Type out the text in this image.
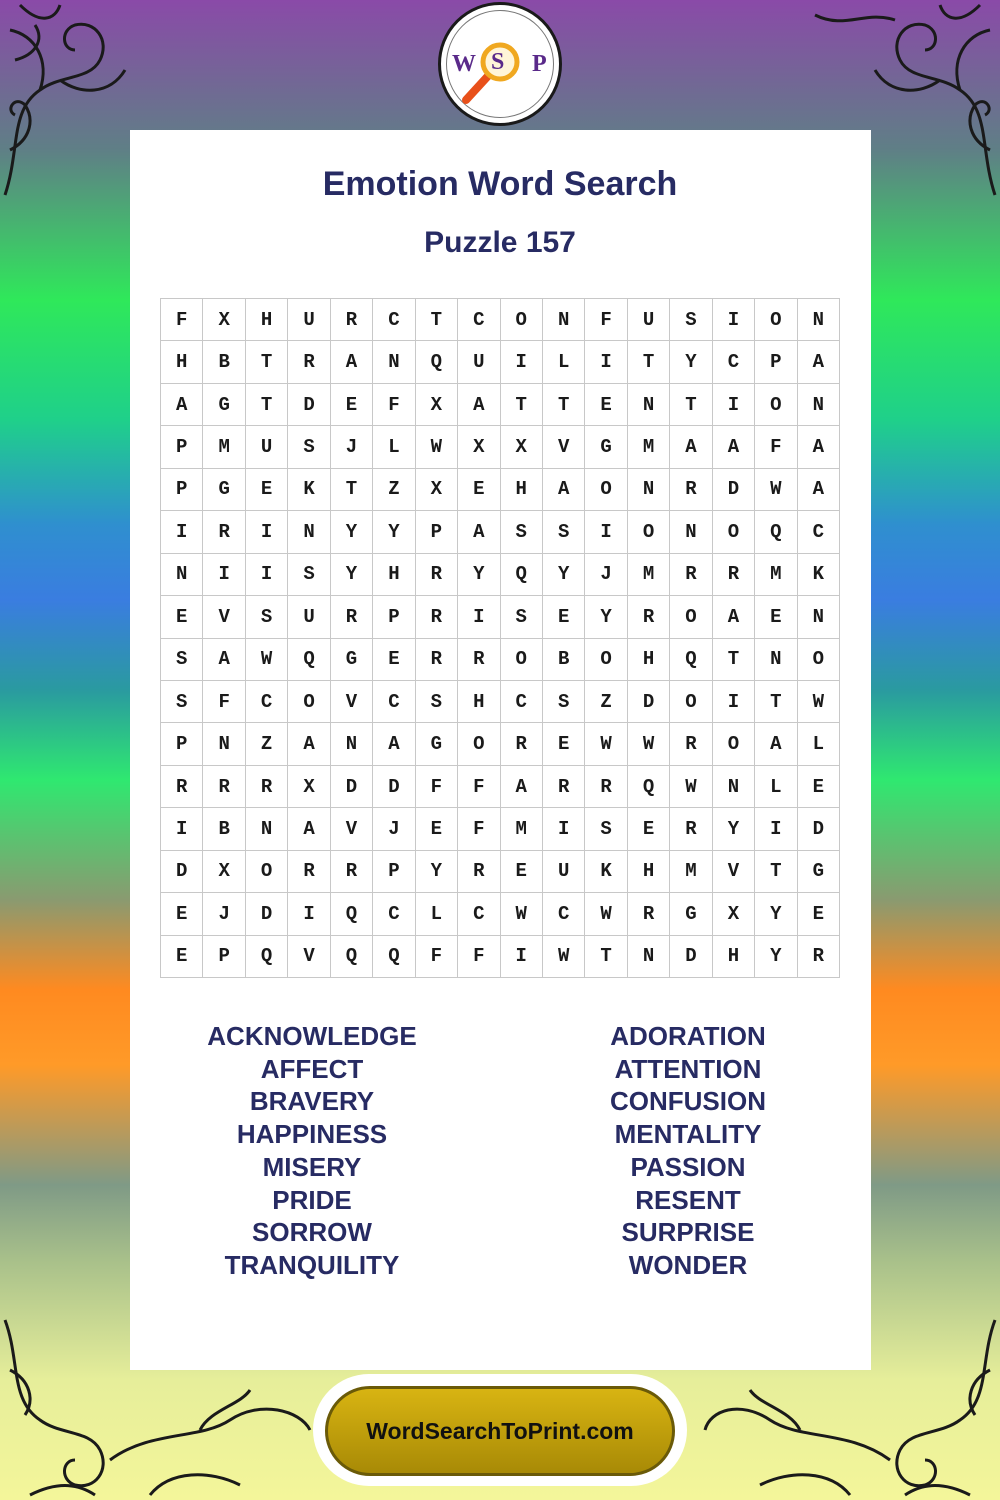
W S P
Emotion Word Search
Puzzle 157
F	X	H	U	R	C	T	C	O	N	F	U	S	I	O	N
H	B	T	R	A	N	Q	U	I	L	I	T	Y	C	P	A
A	G	T	D	E	F	X	A	T	T	E	N	T	I	O	N
P	M	U	S	J	L	W	X	X	V	G	M	A	A	F	A
P	G	E	K	T	Z	X	E	H	A	O	N	R	D	W	A
I	R	I	N	Y	Y	P	A	S	S	I	O	N	O	Q	C
N	I	I	S	Y	H	R	Y	Q	Y	J	M	R	R	M	K
E	V	S	U	R	P	R	I	S	E	Y	R	O	A	E	N
S	A	W	Q	G	E	R	R	O	B	O	H	Q	T	N	O
S	F	C	O	V	C	S	H	C	S	Z	D	O	I	T	W
P	N	Z	A	N	A	G	O	R	E	W	W	R	O	A	L
R	R	R	X	D	D	F	F	A	R	R	Q	W	N	L	E
I	B	N	A	V	J	E	F	M	I	S	E	R	Y	I	D
D	X	O	R	R	P	Y	R	E	U	K	H	M	V	T	G
E	J	D	I	Q	C	L	C	W	C	W	R	G	X	Y	E
E	P	Q	V	Q	Q	F	F	I	W	T	N	D	H	Y	R
ACKNOWLEDGE
AFFECT
BRAVERY
HAPPINESS
MISERY
PRIDE
SORROW
TRANQUILITY
ADORATION
ATTENTION
CONFUSION
MENTALITY
PASSION
RESENT
SURPRISE
WONDER
WordSearchToPrint.com
